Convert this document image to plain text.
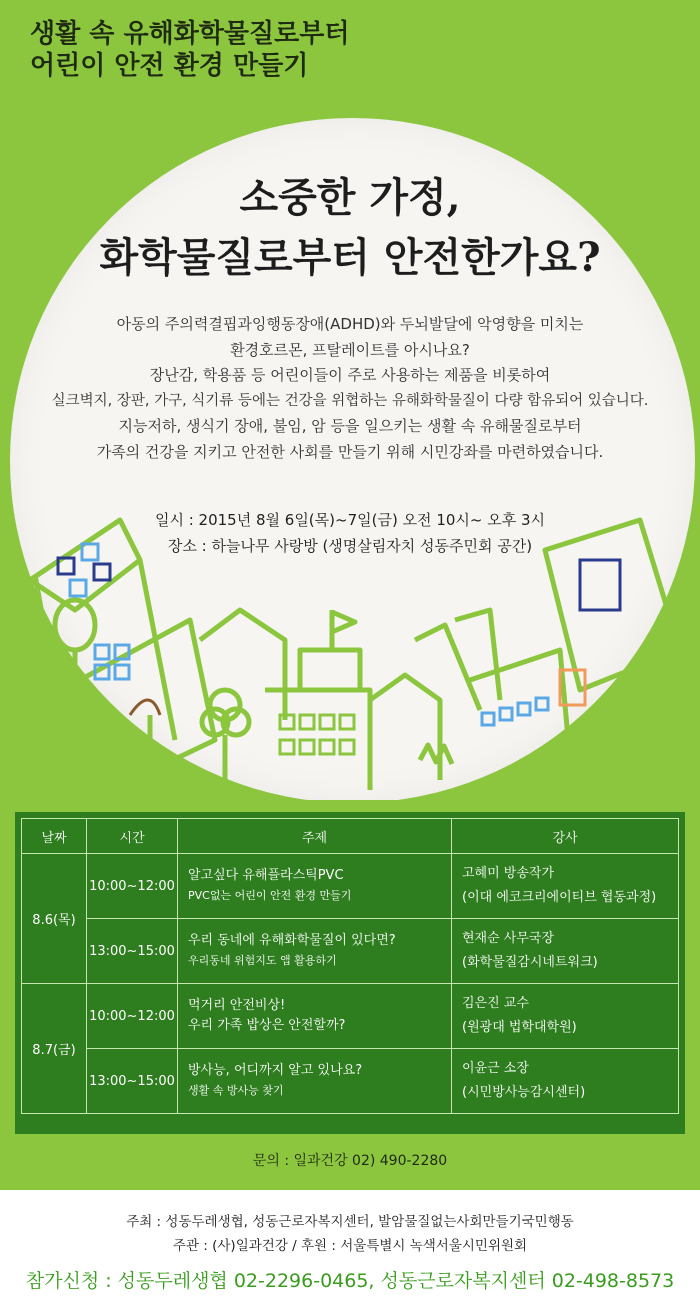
생활 속 유해화학물질로부터
어린이 안전 환경 만들기
소중한 가정,
화학물질로부터 안전한가요?
아동의 주의력결핍과잉행동장애(ADHD)와 두뇌발달에 악영향을 미치는
환경호르몬, 프탈레이트를 아시나요?
장난감, 학용품 등 어린이들이 주로 사용하는 제품을 비롯하여
실크벽지, 장판, 가구, 식기류 등에는 건강을 위협하는 유해화학물질이 다량 함유되어 있습니다.
지능저하, 생식기 장애, 불임, 암 등을 일으키는 생활 속 유해물질로부터
가족의 건강을 지키고 안전한 사회를 만들기 위해 시민강좌를 마련하였습니다.
일시 : 2015년 8월 6일(목)~7일(금) 오전 10시~ 오후 3시
장소 : 하늘나무 사랑방 (생명살림자치 성동주민회 공간)
날짜	시간	주제	강사
8.6(목)	10:00~12:00	알고싶다 유해플라스틱PVC
PVC없는 어린이 안전 환경 만들기	고혜미 방송작가
(이대 에코크리에이티브 협동과정)

	13:00~15:00	우리 동네에 유해화학물질이 있다면?
우리동네 위험지도 앱 활용하기	현재순 사무국장
(화학물질감시네트워크)

8.7(금)	10:00~12:00	먹거리 안전비상!
우리 가족 밥상은 안전할까?	김은진 교수
(원광대 법학대학원)

	13:00~15:00	방사능, 어디까지 알고 있나요?
생활 속 방사능 찾기	이윤근 소장
(시민방사능감시센터)
문의 : 일과건강 02) 490-2280
주최 : 성동두레생협, 성동근로자복지센터, 발암물질없는사회만들기국민행동
주관 : (사)일과건강 / 후원 : 서울특별시 녹색서울시민위원회
참가신청 : 성동두레생협 02-2296-0465, 성동근로자복지센터 02-498-8573
